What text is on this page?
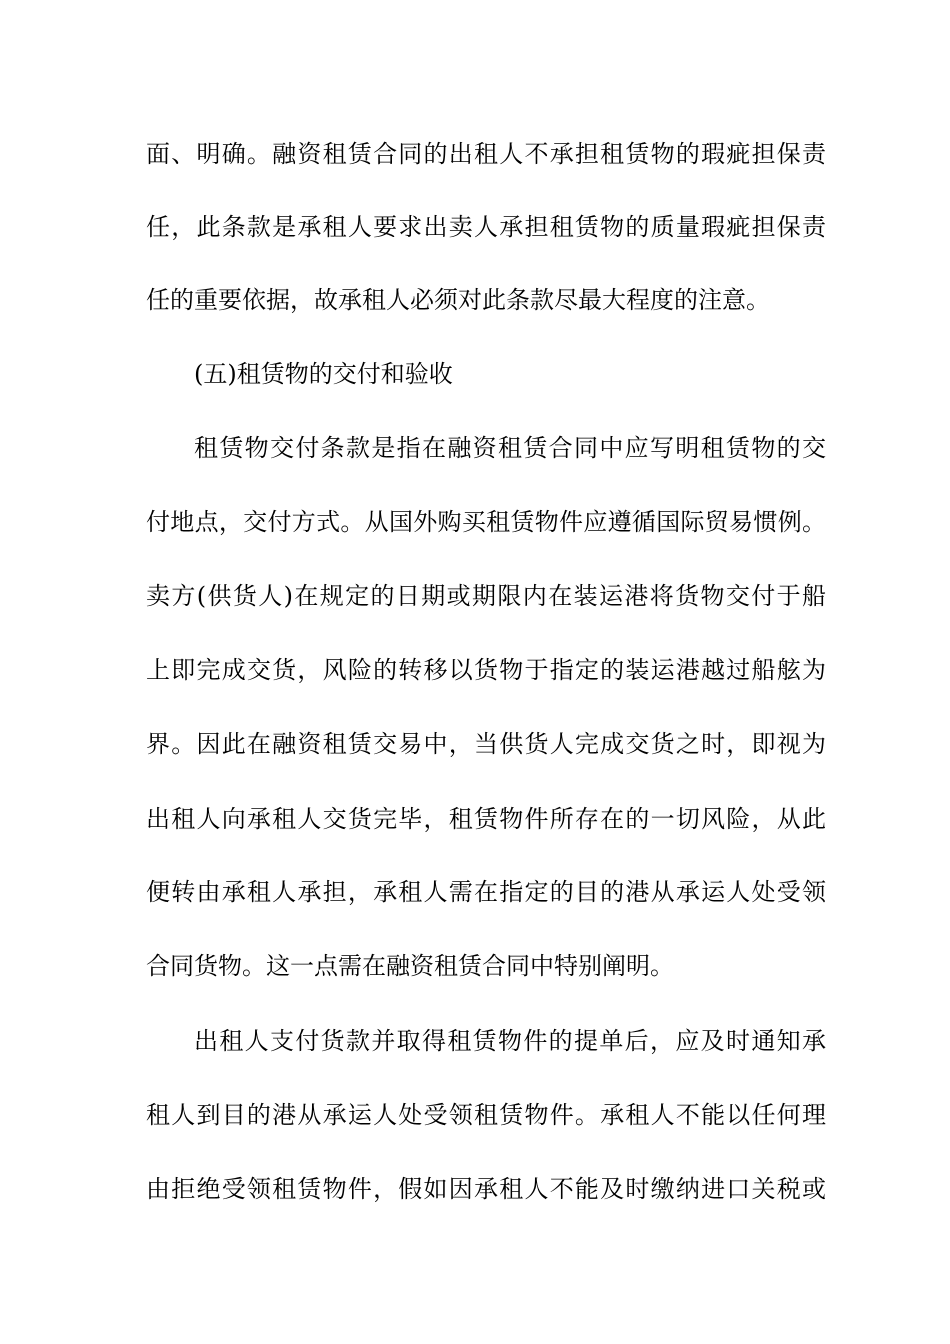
面、明确。融资租赁合同的出租人不承担租赁物的瑕疵担保责
任，此条款是承租人要求出卖人承担租赁物的质量瑕疵担保责
任的重要依据，故承租人必须对此条款尽最大程度的注意。
(五)租赁物的交付和验收
租赁物交付条款是指在融资租赁合同中应写明租赁物的交
付地点，交付方式。从国外购买租赁物件应遵循国际贸易惯例。
卖方(供货人)在规定的日期或期限内在装运港将货物交付于船
上即完成交货，风险的转移以货物于指定的装运港越过船舷为
界。因此在融资租赁交易中，当供货人完成交货之时，即视为
出租人向承租人交货完毕，租赁物件所存在的一切风险，从此
便转由承租人承担，承租人需在指定的目的港从承运人处受领
合同货物。这一点需在融资租赁合同中特别阐明。
出租人支付货款并取得租赁物件的提单后，应及时通知承
租人到目的港从承运人处受领租赁物件。承租人不能以任何理
由拒绝受领租赁物件，假如因承租人不能及时缴纳进口关税或
